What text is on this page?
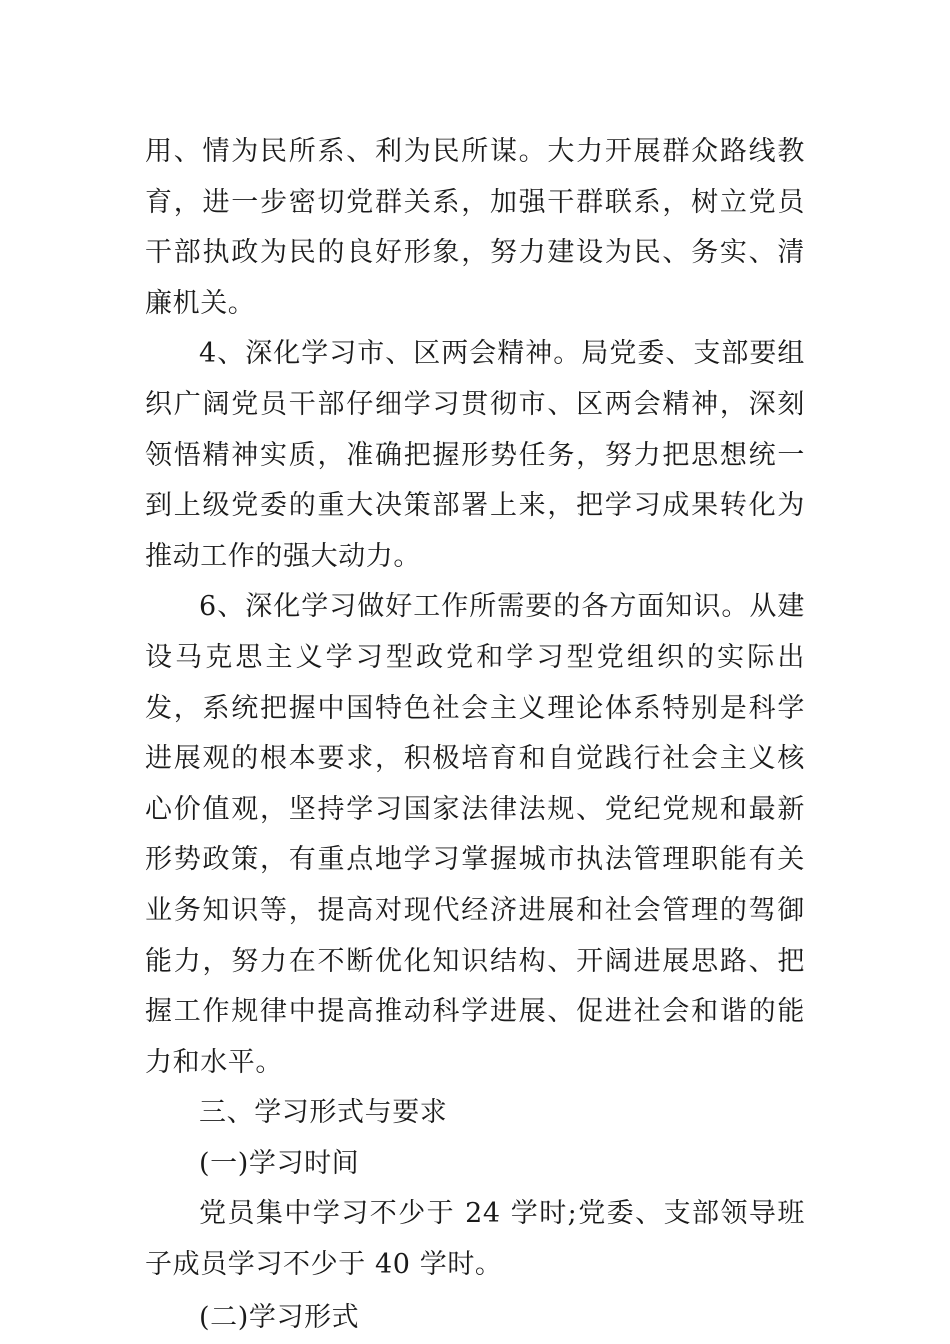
用、情为民所系、利为民所谋。大力开展群众路线教育，进一步密切党群关系，加强干群联系，树立党员干部执政为民的良好形象，努力建设为民、务实、清廉机关。

4、深化学习市、区两会精神。局党委、支部要组织广阔党员干部仔细学习贯彻市、区两会精神，深刻领悟精神实质，准确把握形势任务，努力把思想统一到上级党委的重大决策部署上来，把学习成果转化为推动工作的强大动力。

6、深化学习做好工作所需要的各方面知识。从建设马克思主义学习型政党和学习型党组织的实际出发，系统把握中国特色社会主义理论体系特别是科学进展观的根本要求，积极培育和自觉践行社会主义核心价值观，坚持学习国家法律法规、党纪党规和最新形势政策，有重点地学习掌握城市执法管理职能有关业务知识等，提高对现代经济进展和社会管理的驾御能力，努力在不断优化知识结构、开阔进展思路、把握工作规律中提高推动科学进展、促进社会和谐的能力和水平。

三、学习形式与要求

(一)学习时间

党员集中学习不少于 24 学时;党委、支部领导班子成员学习不少于 40 学时。

(二)学习形式
